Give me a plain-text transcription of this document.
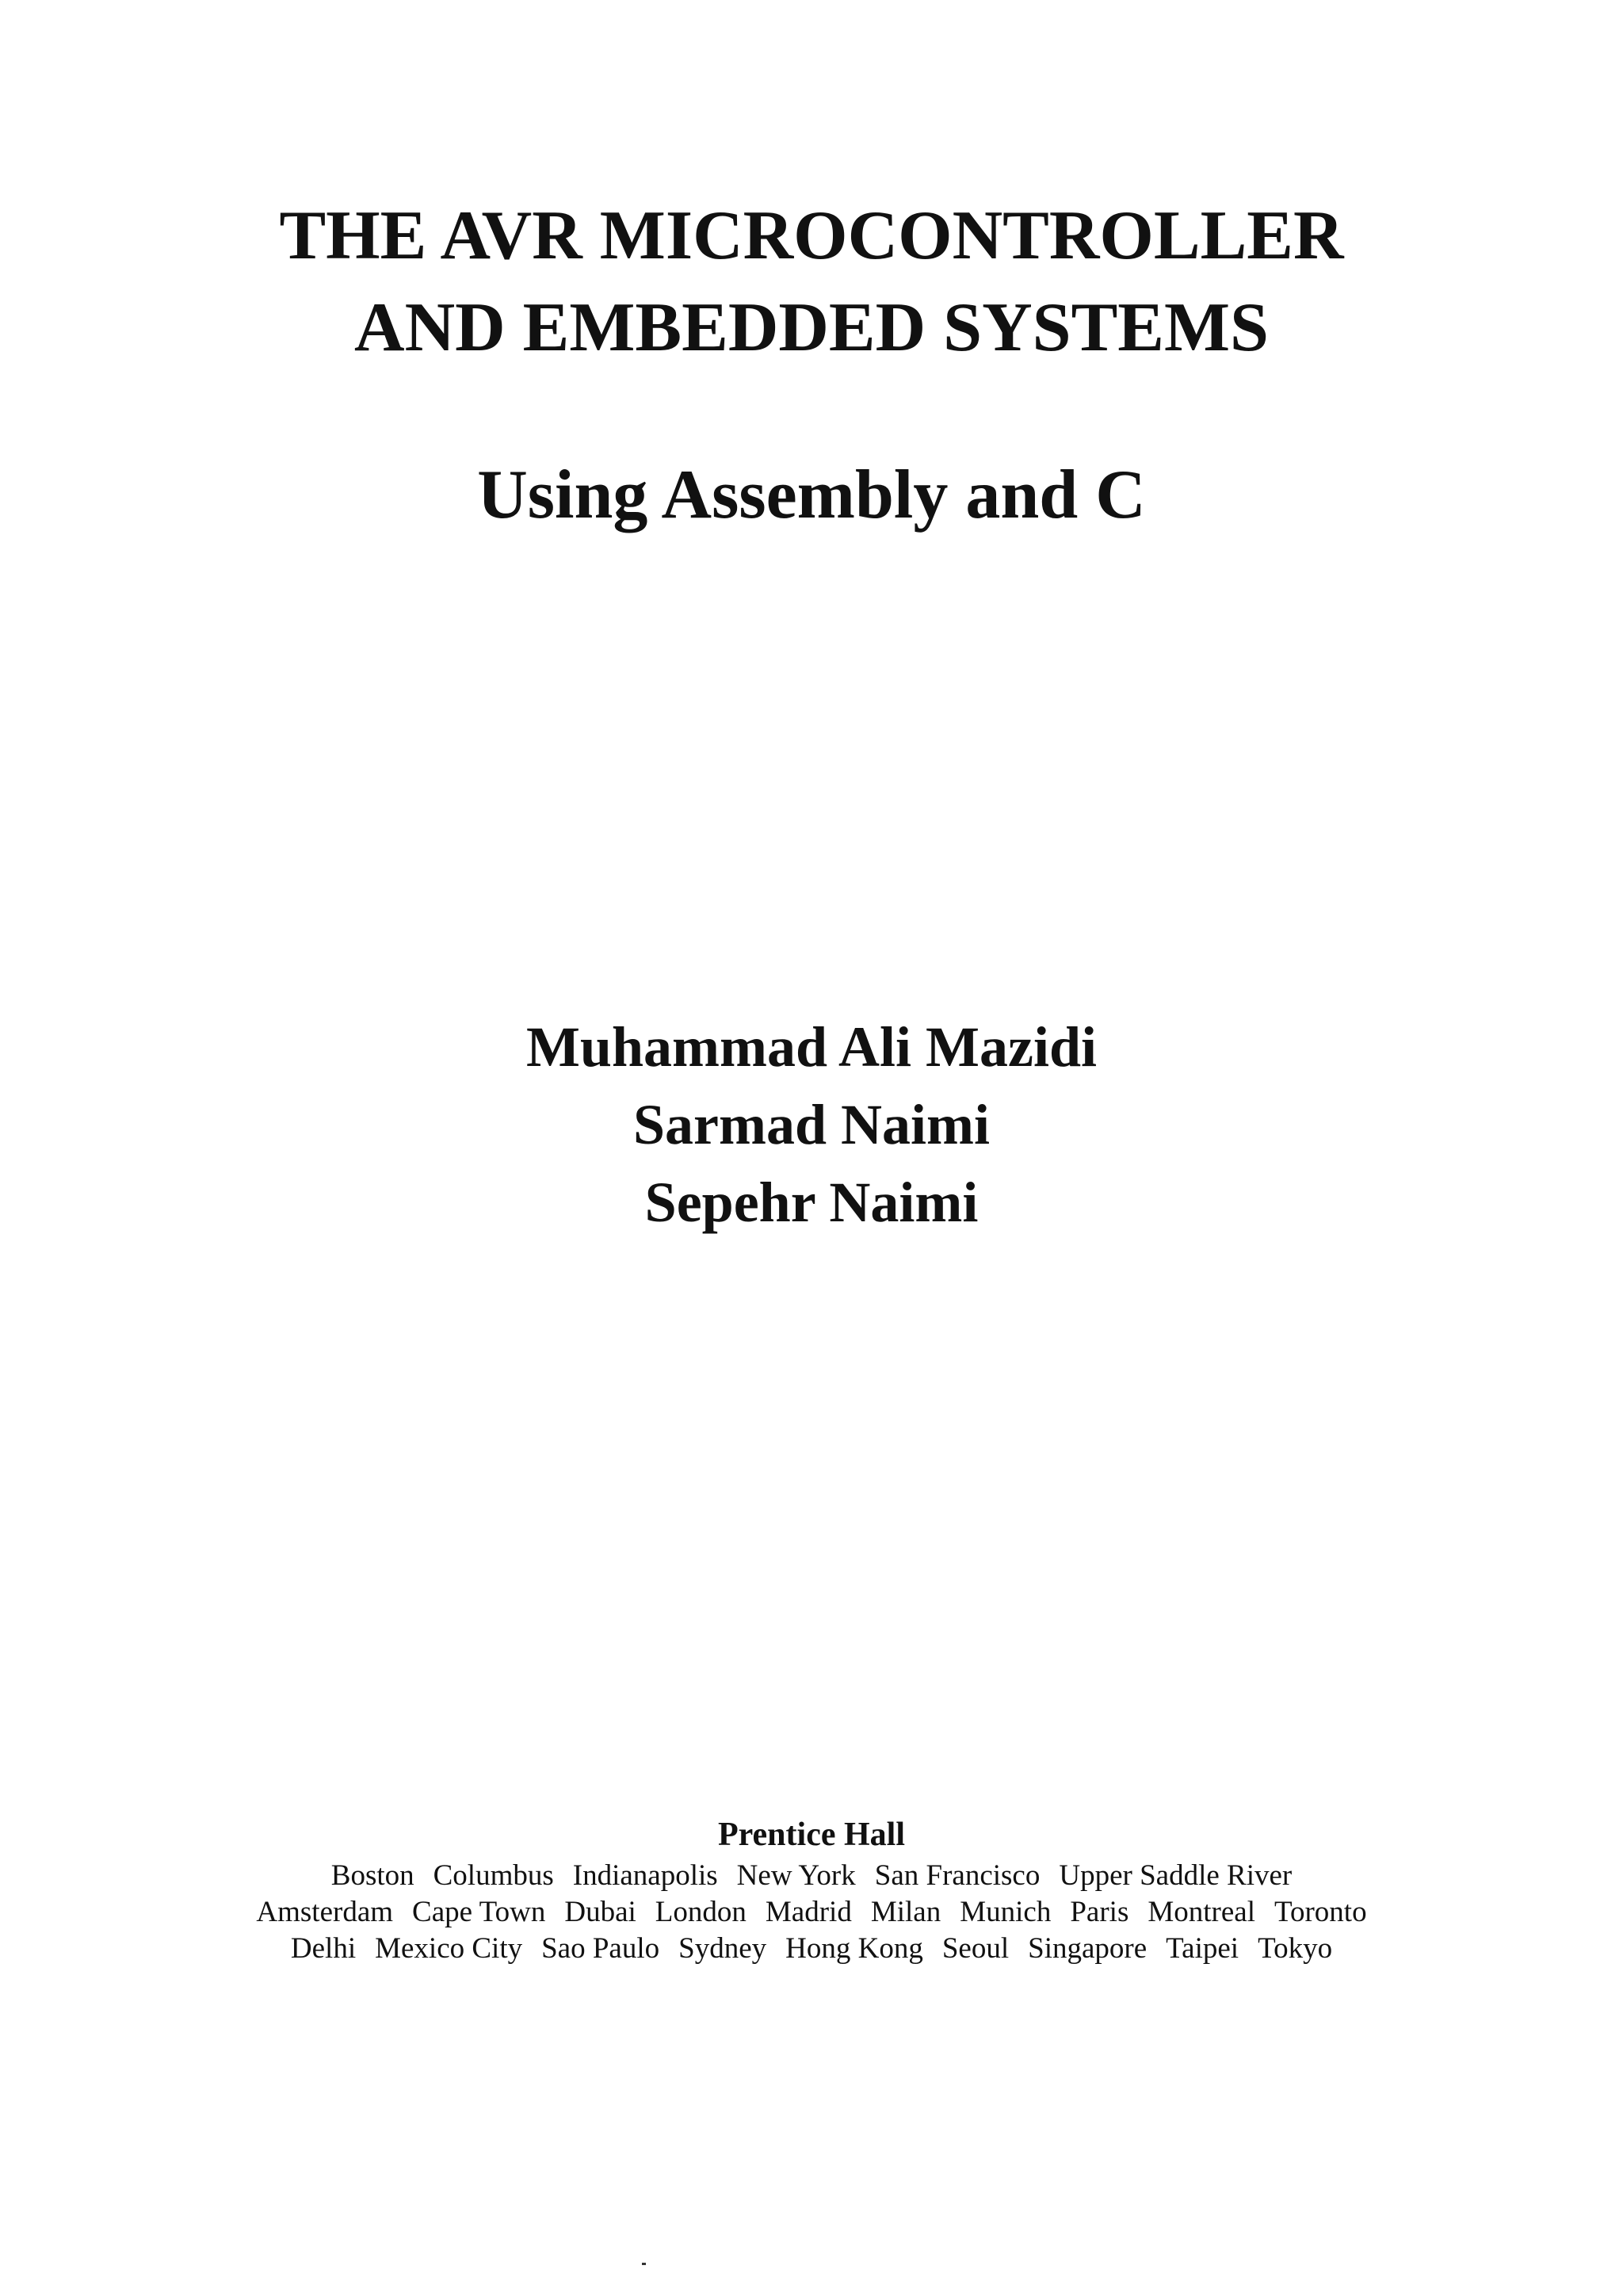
THE AVR MICROCONTROLLER
AND EMBEDDED SYSTEMS
Using Assembly and C
Muhammad Ali Mazidi
Sarmad Naimi
Sepehr Naimi
Prentice Hall
Boston Columbus Indianapolis New York San Francisco Upper Saddle River
Amsterdam Cape Town Dubai London Madrid Milan Munich Paris Montreal Toronto
Delhi Mexico City Sao Paulo Sydney Hong Kong Seoul Singapore Taipei Tokyo
